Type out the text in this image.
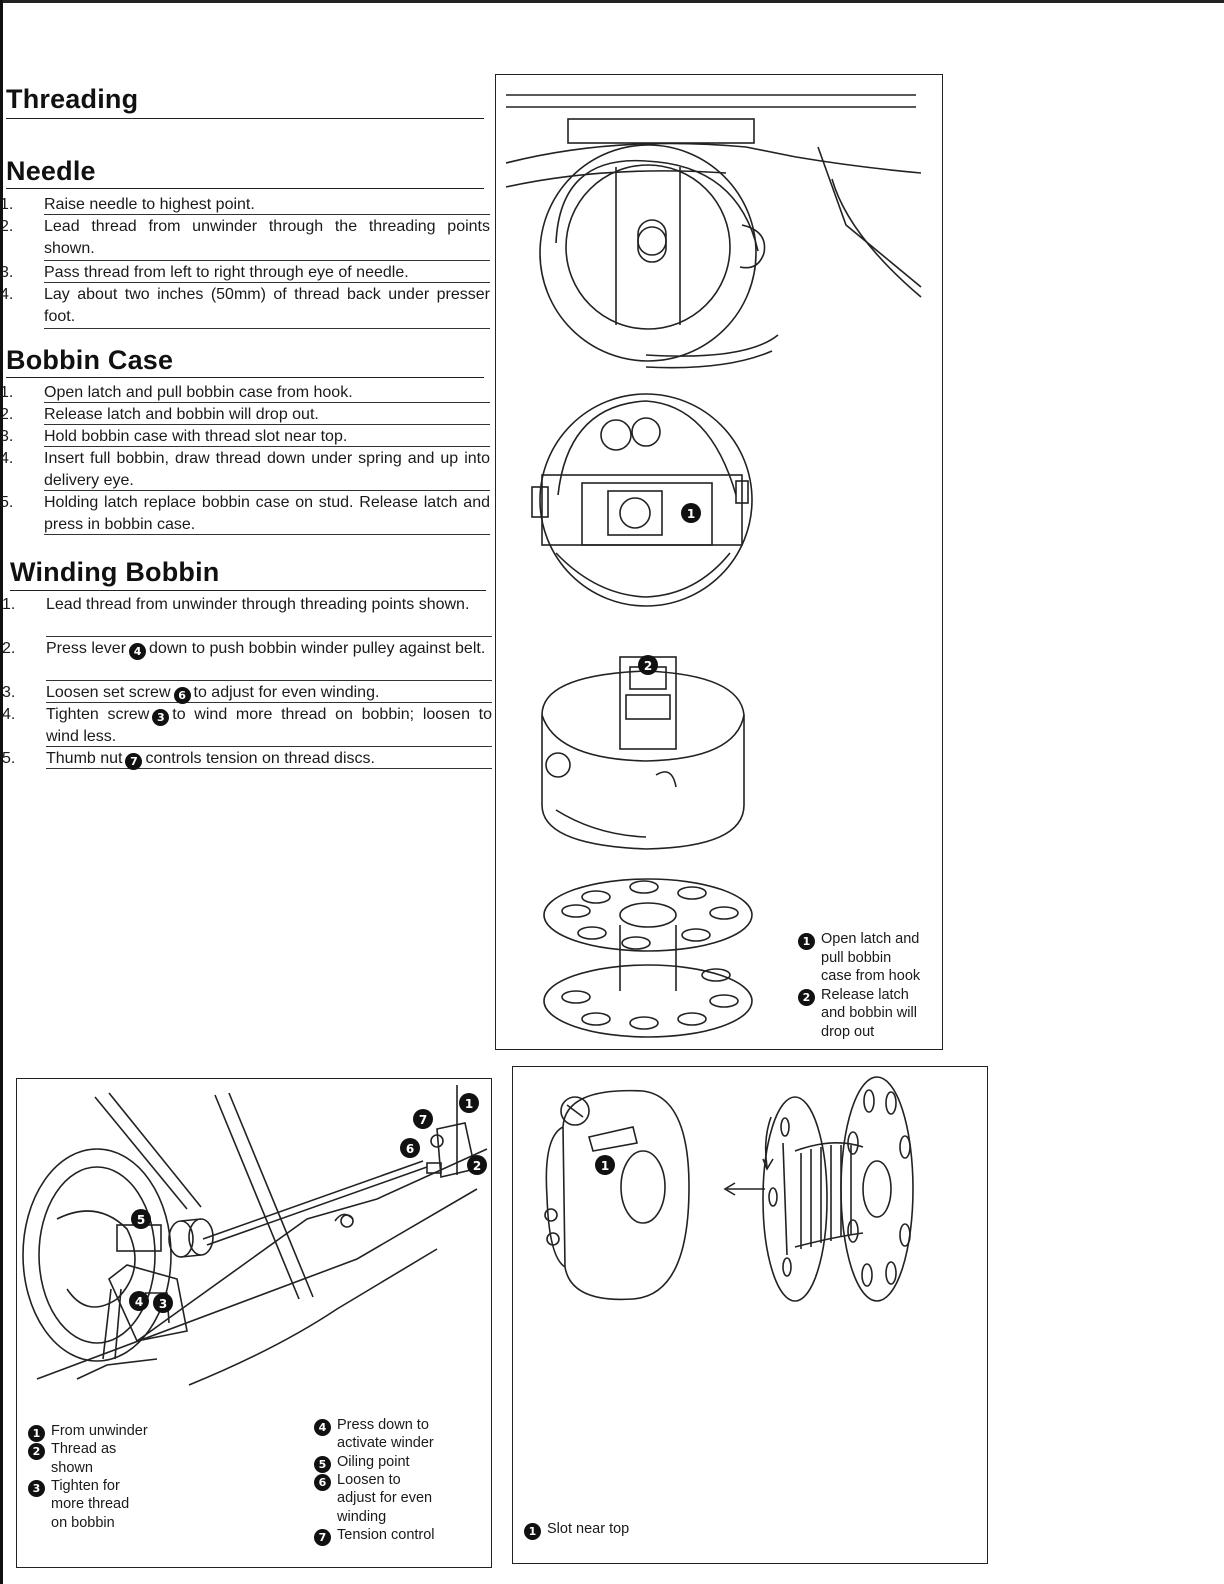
Threading
Needle
1.	Raise needle to highest point.
2.	Lead thread from unwinder through the threading points shown.
3.	Pass thread from left to right through eye of needle.
4.	Lay about two inches (50mm) of thread back under presser foot.
Bobbin Case
1.	Open latch and pull bobbin case from hook.
2.	Release latch and bobbin will drop out.
3.	Hold bobbin case with thread slot near top.
4.	Insert full bobbin, draw thread down under spring and up into delivery eye.
5.	Holding latch replace bobbin case on stud. Release latch and press in bobbin case.
Winding Bobbin
1.	Lead thread from unwinder through threading points shown.
2.	Press lever 4 down to push bobbin winder pulley against belt.
3.	Loosen set screw 6 to adjust for even winding.
4.	Tighten screw 3 to wind more thread on bobbin; loosen to wind less.
5.	Thumb nut 7 controls tension on thread discs.
1
2
1 Open latch and
pull bobbin
case from hook
2 Release latch
and bobbin will
drop out
1
2
3
4
5
6
7
1 From unwinder
2 Thread as
shown
3 Tighten for
more thread
on bobbin
4 Press down to
activate winder
5 Oiling point
6 Loosen to
adjust for even
winding
7 Tension control
1
1 Slot near top
